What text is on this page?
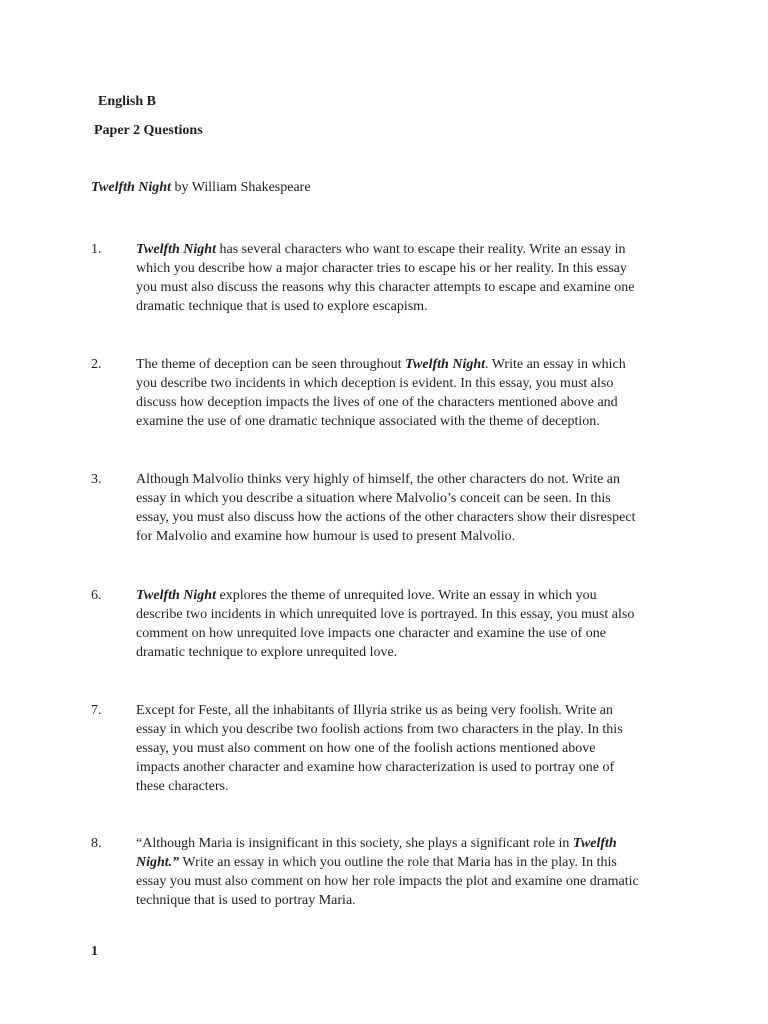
English B
Paper 2 Questions
Twelfth Night by William Shakespeare
1. Twelfth Night has several characters who want to escape their reality. Write an essay in
which you describe how a major character tries to escape his or her reality. In this essay
you must also discuss the reasons why this character attempts to escape and examine one
dramatic technique that is used to explore escapism.
2. The theme of deception can be seen throughout Twelfth Night. Write an essay in which
you describe two incidents in which deception is evident. In this essay, you must also
discuss how deception impacts the lives of one of the characters mentioned above and
examine the use of one dramatic technique associated with the theme of deception.
3. Although Malvolio thinks very highly of himself, the other characters do not. Write an
essay in which you describe a situation where Malvolio’s conceit can be seen. In this
essay, you must also discuss how the actions of the other characters show their disrespect
for Malvolio and examine how humour is used to present Malvolio.
6. Twelfth Night explores the theme of unrequited love. Write an essay in which you
describe two incidents in which unrequited love is portrayed. In this essay, you must also
comment on how unrequited love impacts one character and examine the use of one
dramatic technique to explore unrequited love.
7. Except for Feste, all the inhabitants of Illyria strike us as being very foolish. Write an
essay in which you describe two foolish actions from two characters in the play. In this
essay, you must also comment on how one of the foolish actions mentioned above
impacts another character and examine how characterization is used to portray one of
these characters.
8. “Although Maria is insignificant in this society, she plays a significant role in Twelfth
Night.” Write an essay in which you outline the role that Maria has in the play. In this
essay you must also comment on how her role impacts the plot and examine one dramatic
technique that is used to portray Maria.
1
